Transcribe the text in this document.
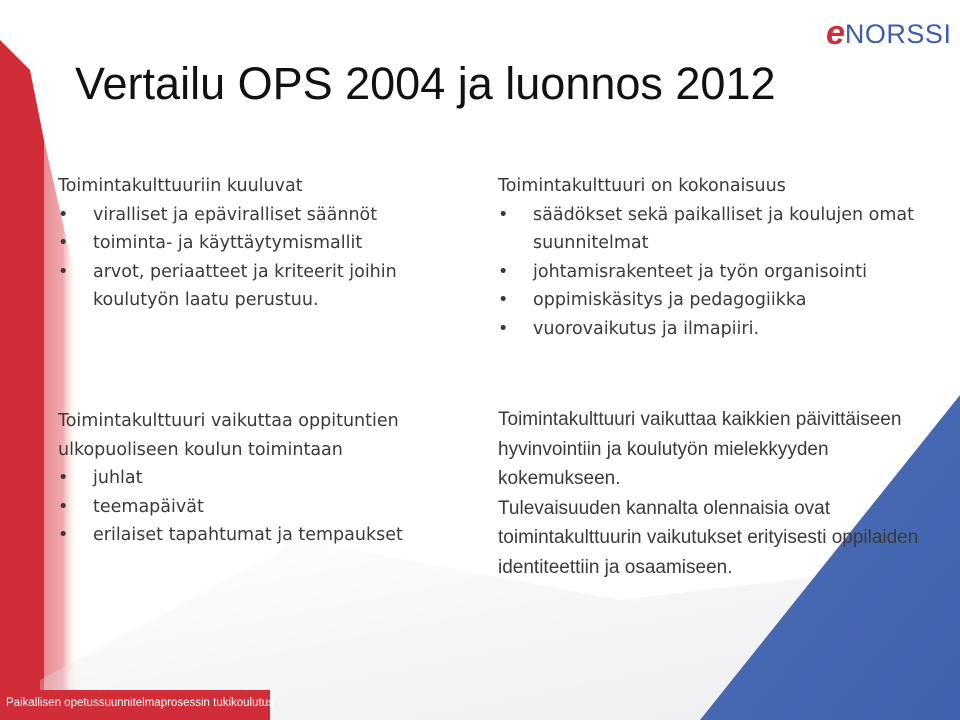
e NORSSI
Vertailu OPS 2004 ja luonnos 2012

Toimintakulttuuriin kuuluvat

• viralliset ja epäviralliset säännöt
• toiminta- ja käyttäytymismallit
• arvot, periaatteet ja kriteerit joihin koulutyön laatu perustuu.

Toimintakulttuuri vaikuttaa oppituntien ulkopuoliseen koulun toimintaan

• juhlat
• teemapäivät
• erilaiset tapahtumat ja tempaukset

Toimintakulttuuri on kokonaisuus

• säädökset sekä paikalliset ja koulujen omat suunnitelmat
• johtamisrakenteet ja työn organisointi
• oppimiskäsitys ja pedagogiikka
• vuorovaikutus ja ilmapiiri.

Toimintakulttuuri vaikuttaa kaikkien päivittäiseen hyvinvointiin ja koulutyön mielekkyyden kokemukseen.

Tulevaisuuden kannalta olennaisia ovat toimintakulttuurin vaikutukset erityisesti oppilaiden identiteettiin ja osaamiseen.

Paikallisen opetussuunnitelmaprosessin tukikoulutus
